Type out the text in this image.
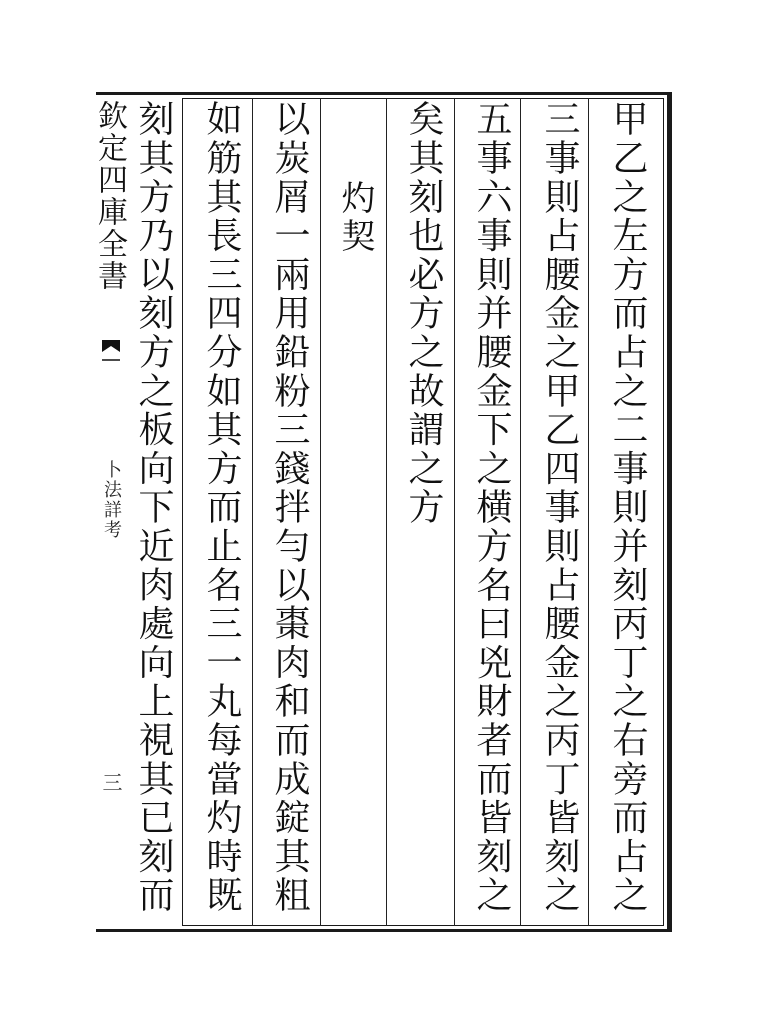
欽定四庫全書
卜法詳考
三	甲乙之左方而占之二事則并刻丙丁之右旁而占之
三事則占腰金之甲乙四事則占腰金之丙丁皆刻之
五事六事則并腰金下之横方名曰兇財者而皆刻之
矣其刻也必方之故謂之方
灼契
以炭屑一兩用鉛粉三錢拌勻以棗肉和而成錠其粗
如筋其長三四分如其方而止名三一丸每當灼時既
刻其方乃以刻方之板向下近肉處向上視其已刻而
